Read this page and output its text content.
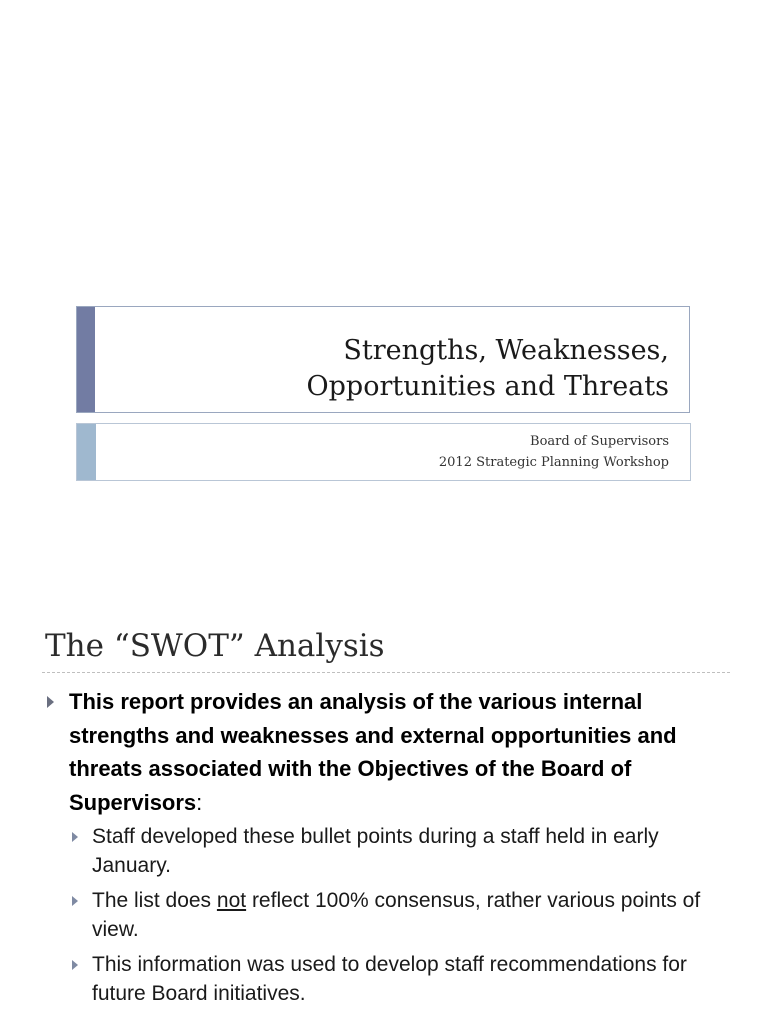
Strengths, Weaknesses,
Opportunities and Threats
Board of Supervisors
2012 Strategic Planning Workshop
The “SWOT” Analysis
This report provides an analysis of the various internal strengths and weaknesses and external opportunities and threats associated with the Objectives of the Board of Supervisors:
Staff developed these bullet points during a staff held in early January.
The list does not reflect 100% consensus, rather various points of view.
This information was used to develop staff recommendations for future Board initiatives.
